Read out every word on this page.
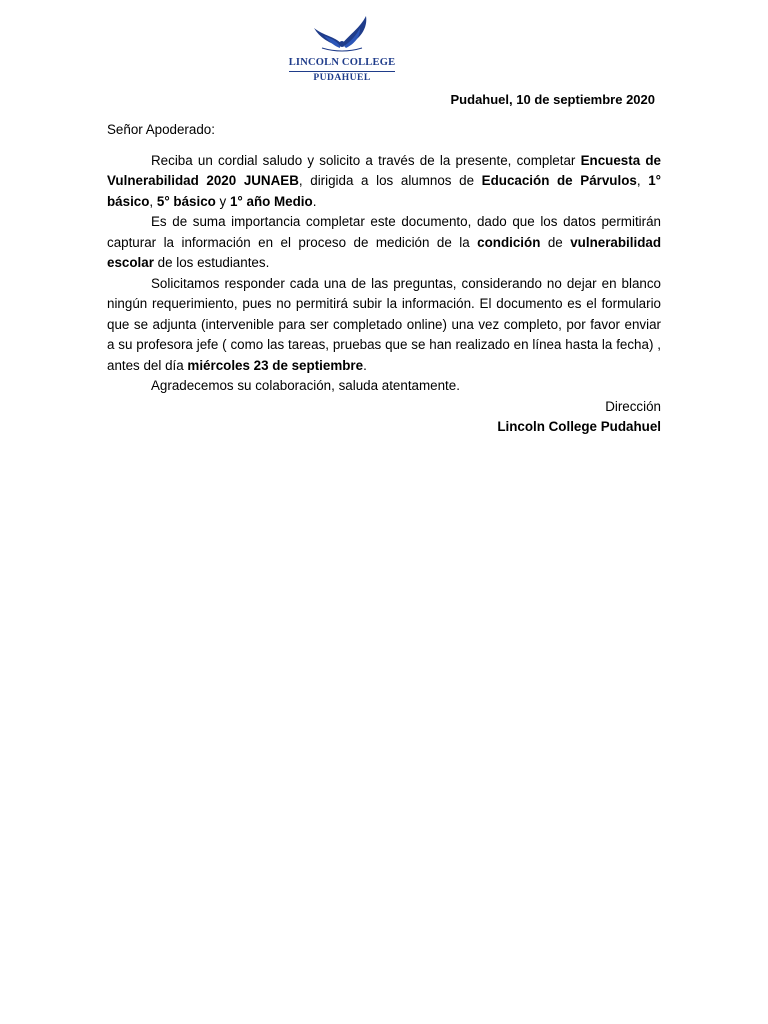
LINCOLN COLLEGE
PUDAHUEL
Pudahuel, 10 de septiembre 2020

Señor Apoderado:

Reciba un cordial saludo y solicito a través de la presente, completar Encuesta de Vulnerabilidad 2020 JUNAEB, dirigida a los alumnos de Educación de Párvulos, 1° básico, 5° básico y 1° año Medio.

Es de suma importancia completar este documento, dado que los datos permitirán capturar la información en el proceso de medición de la condición de vulnerabilidad escolar de los estudiantes.

Solicitamos responder cada una de las preguntas, considerando no dejar en blanco ningún requerimiento, pues no permitirá subir la información. El documento es el formulario que se adjunta (intervenible para ser completado online) una vez completo, por favor enviar a su profesora jefe ( como las tareas, pruebas que se han realizado en línea hasta la fecha) , antes del día miércoles 23 de septiembre.

Agradecemos su colaboración, saluda atentamente.

Dirección

Lincoln College Pudahuel
